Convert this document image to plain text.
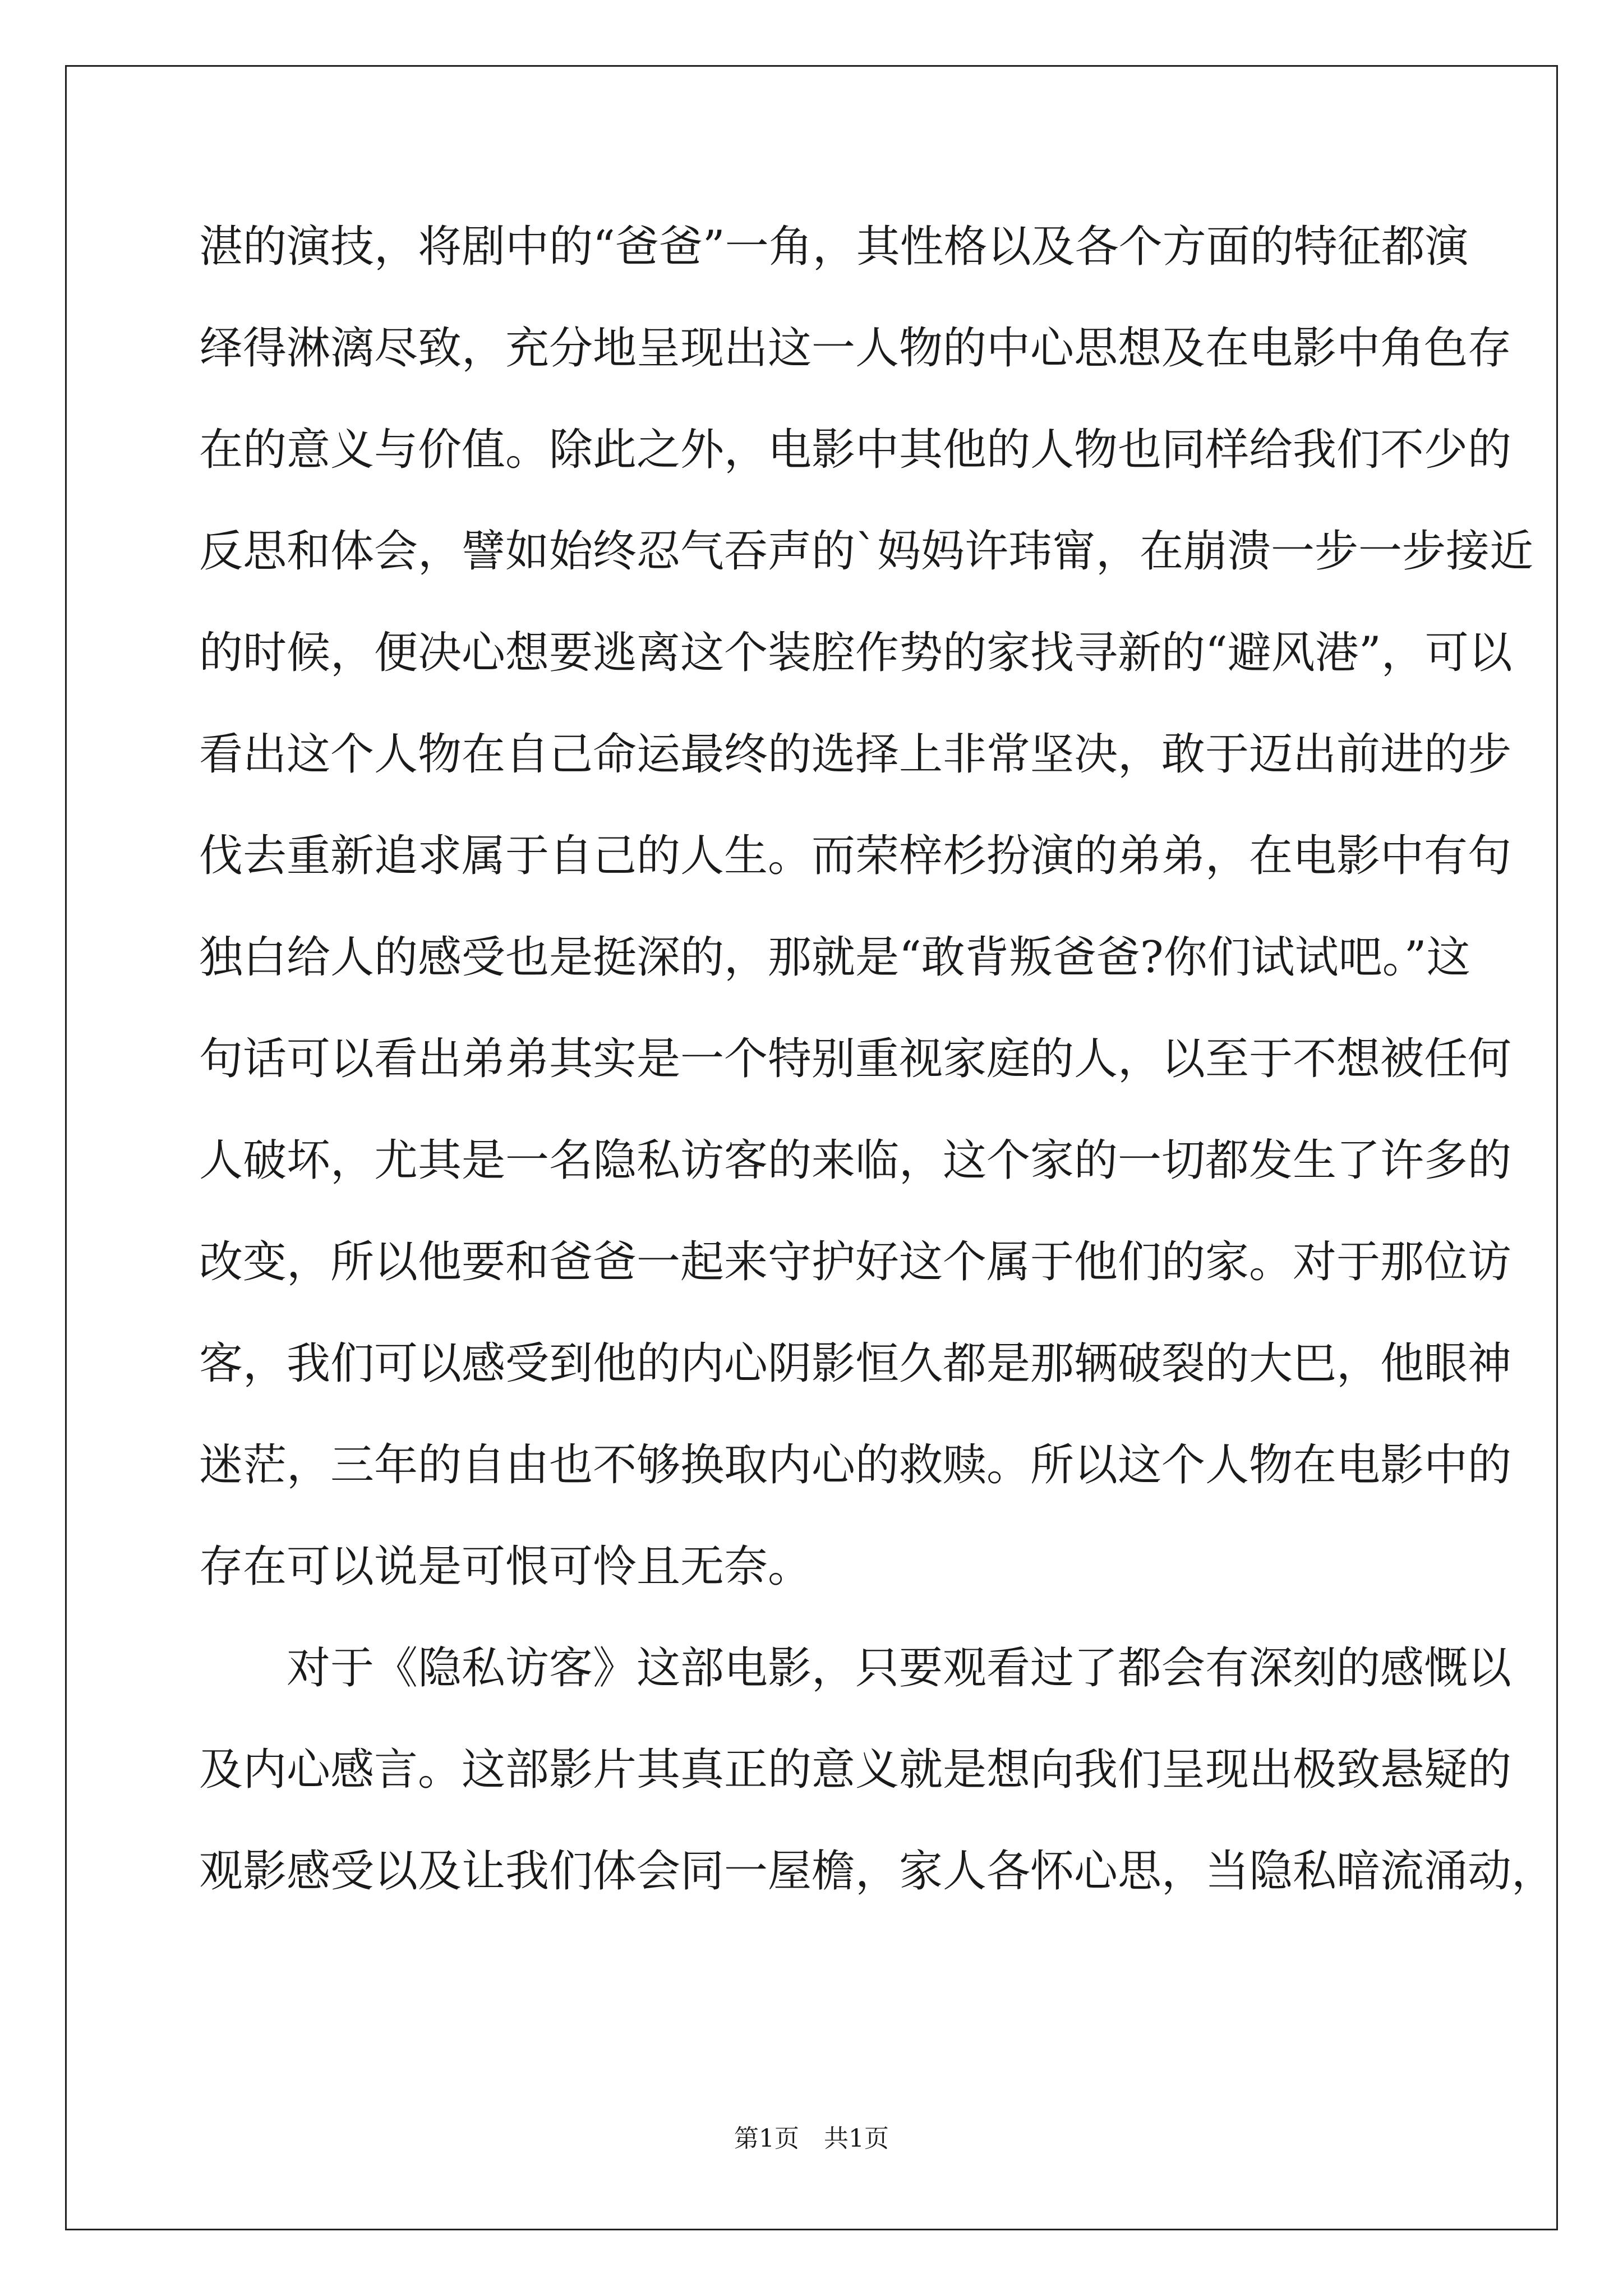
湛的演技，将剧中的“爸爸”一角，其性格以及各个方面的特征都演
绎得淋漓尽致，充分地呈现出这一人物的中心思想及在电影中角色存
在的意义与价值。除此之外，电影中其他的人物也同样给我们不少的
反思和体会，譬如始终忍气吞声的`妈妈许玮甯，在崩溃一步一步接近
的时候，便决心想要逃离这个装腔作势的家找寻新的“避风港”，可以
看出这个人物在自己命运最终的选择上非常坚决，敢于迈出前进的步
伐去重新追求属于自己的人生。而荣梓杉扮演的弟弟，在电影中有句
独白给人的感受也是挺深的，那就是“敢背叛爸爸?你们试试吧。”这
句话可以看出弟弟其实是一个特别重视家庭的人，以至于不想被任何
人破坏，尤其是一名隐私访客的来临，这个家的一切都发生了许多的
改变，所以他要和爸爸一起来守护好这个属于他们的家。对于那位访
客，我们可以感受到他的内心阴影恒久都是那辆破裂的大巴，他眼神
迷茫，三年的自由也不够换取内心的救赎。所以这个人物在电影中的
存在可以说是可恨可怜且无奈。
对于《隐私访客》这部电影，只要观看过了都会有深刻的感慨以
及内心感言。这部影片其真正的意义就是想向我们呈现出极致悬疑的
观影感受以及让我们体会同一屋檐，家人各怀心思，当隐私暗流涌动，
第1页 共1页
